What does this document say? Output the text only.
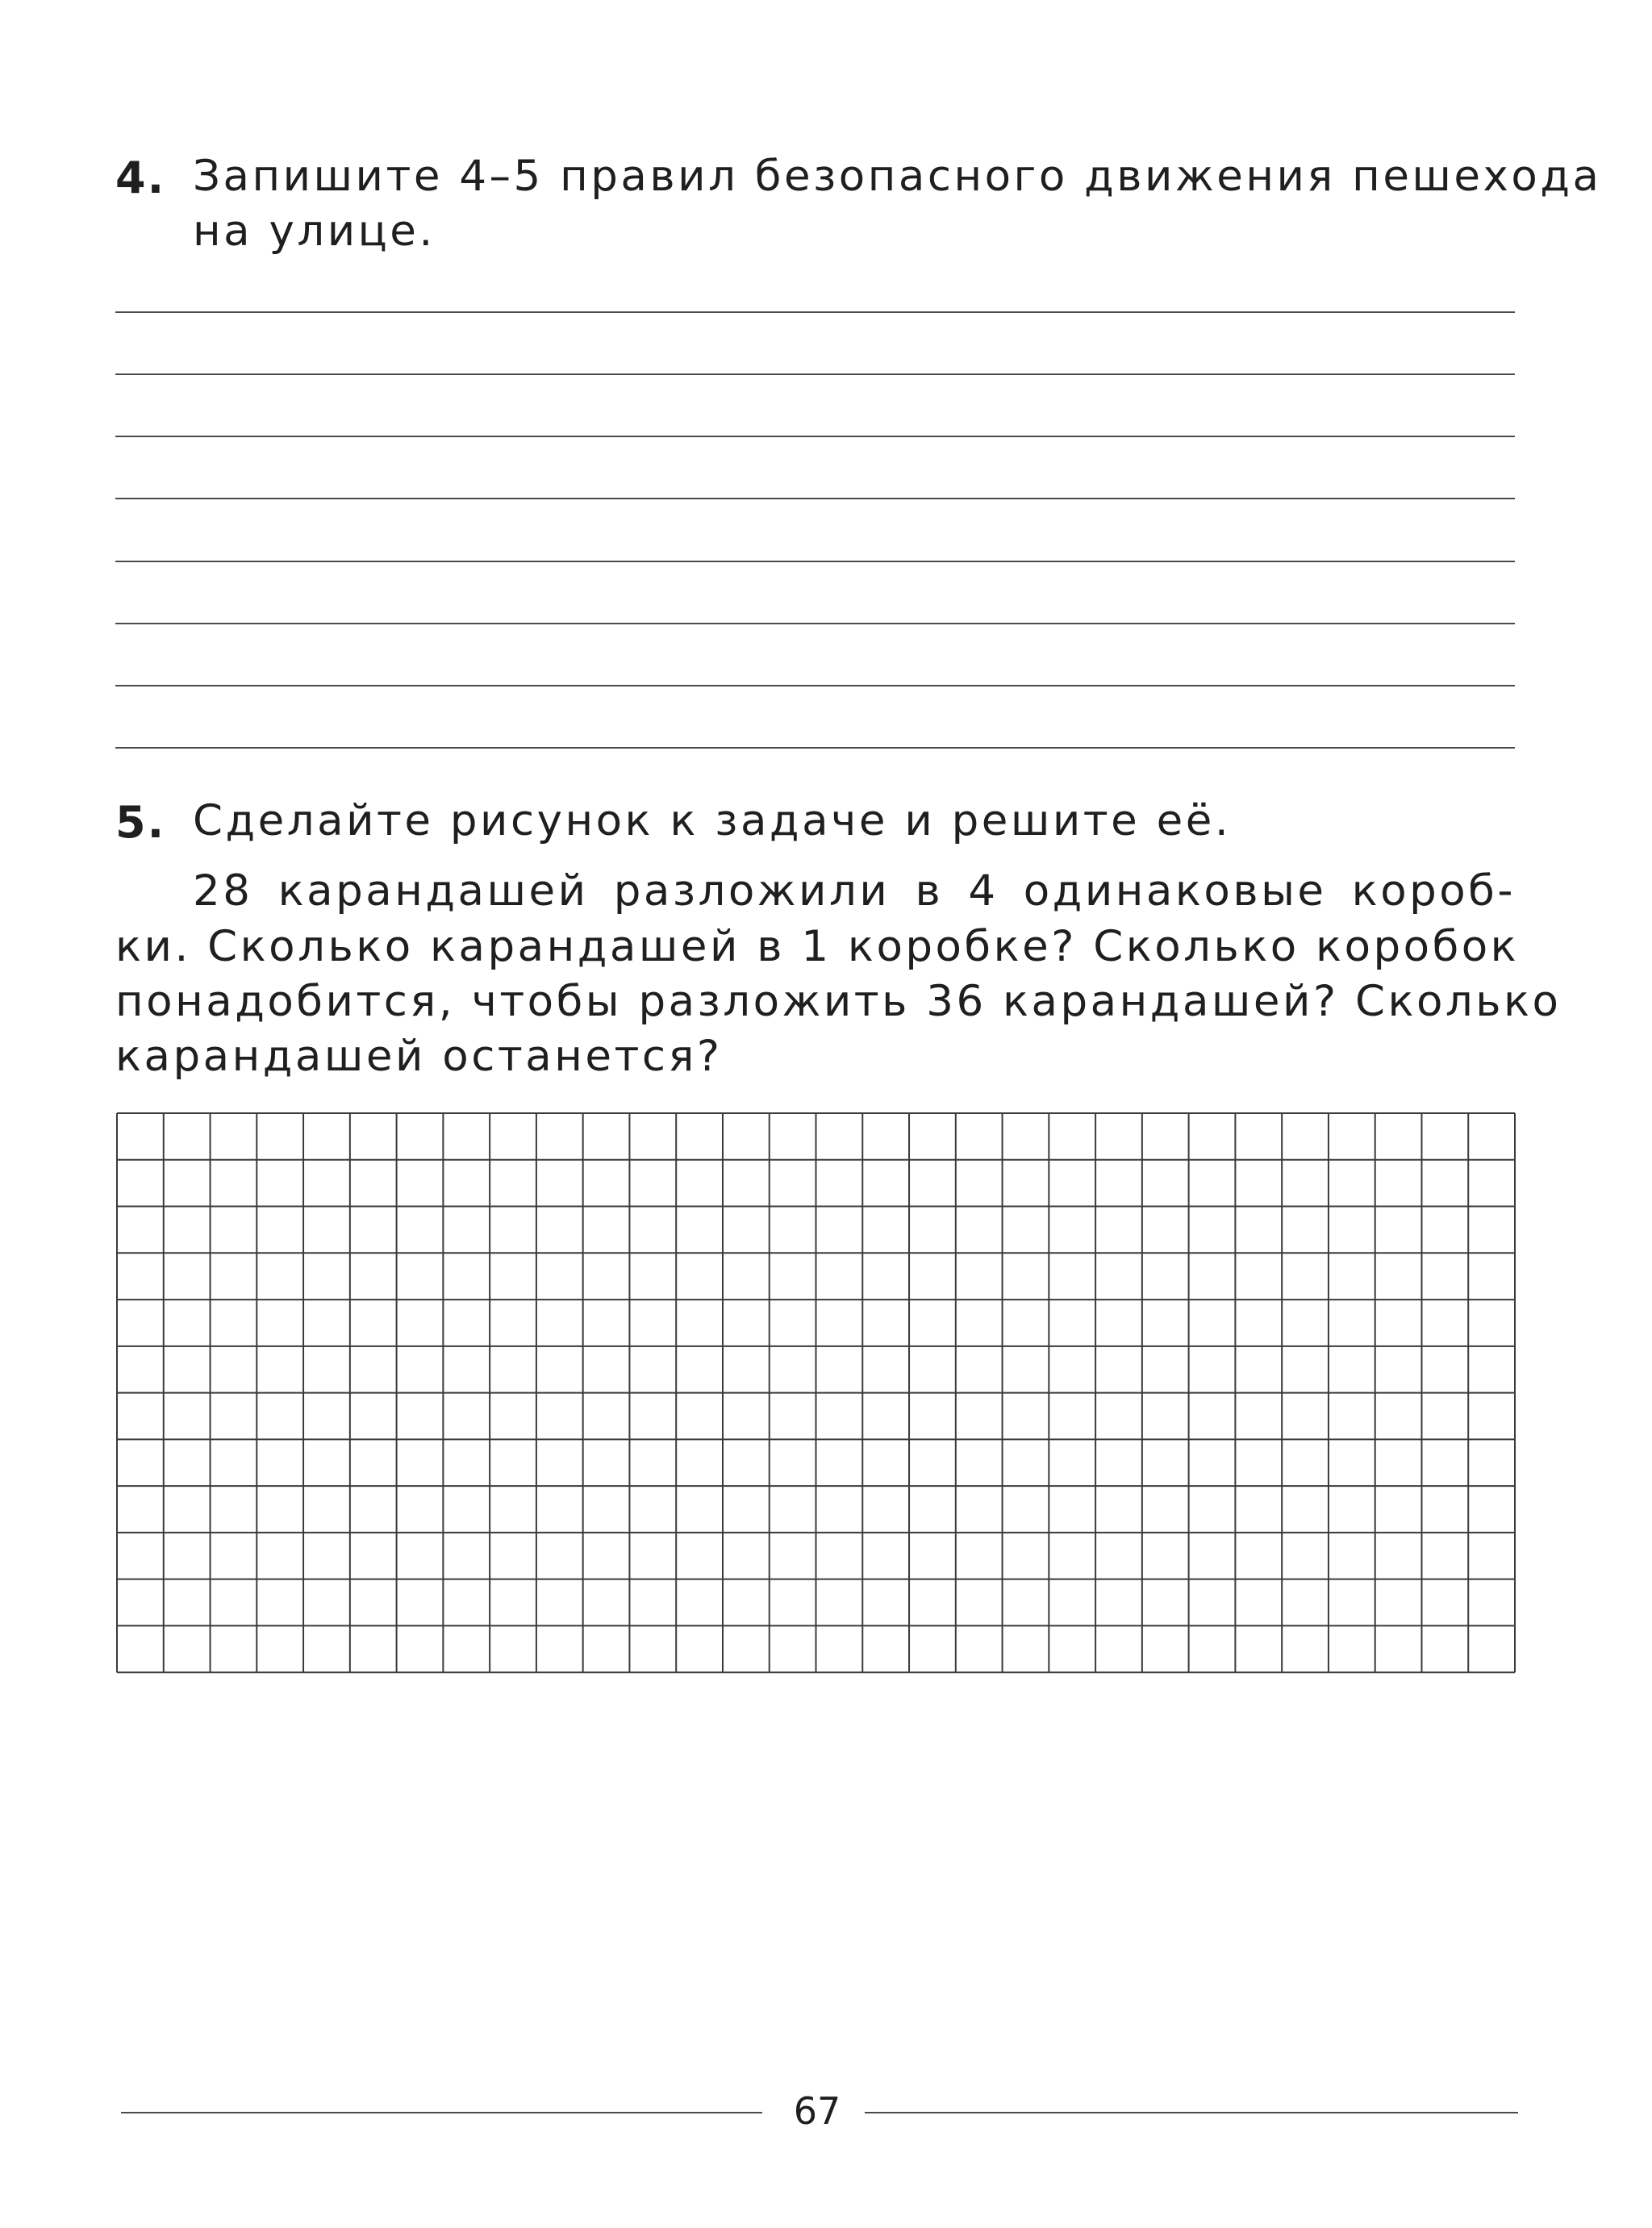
4. Запишите 4–5 правил безопасного движения пешехода
на улице.
5. Сделайте рисунок к задаче и решите её.
28 карандашей разложили в 4 одинаковые короб-
ки. Сколько карандашей в 1 коробке? Сколько коробок
понадобится, чтобы разложить 36 карандашей? Сколько
карандашей останется?
67
